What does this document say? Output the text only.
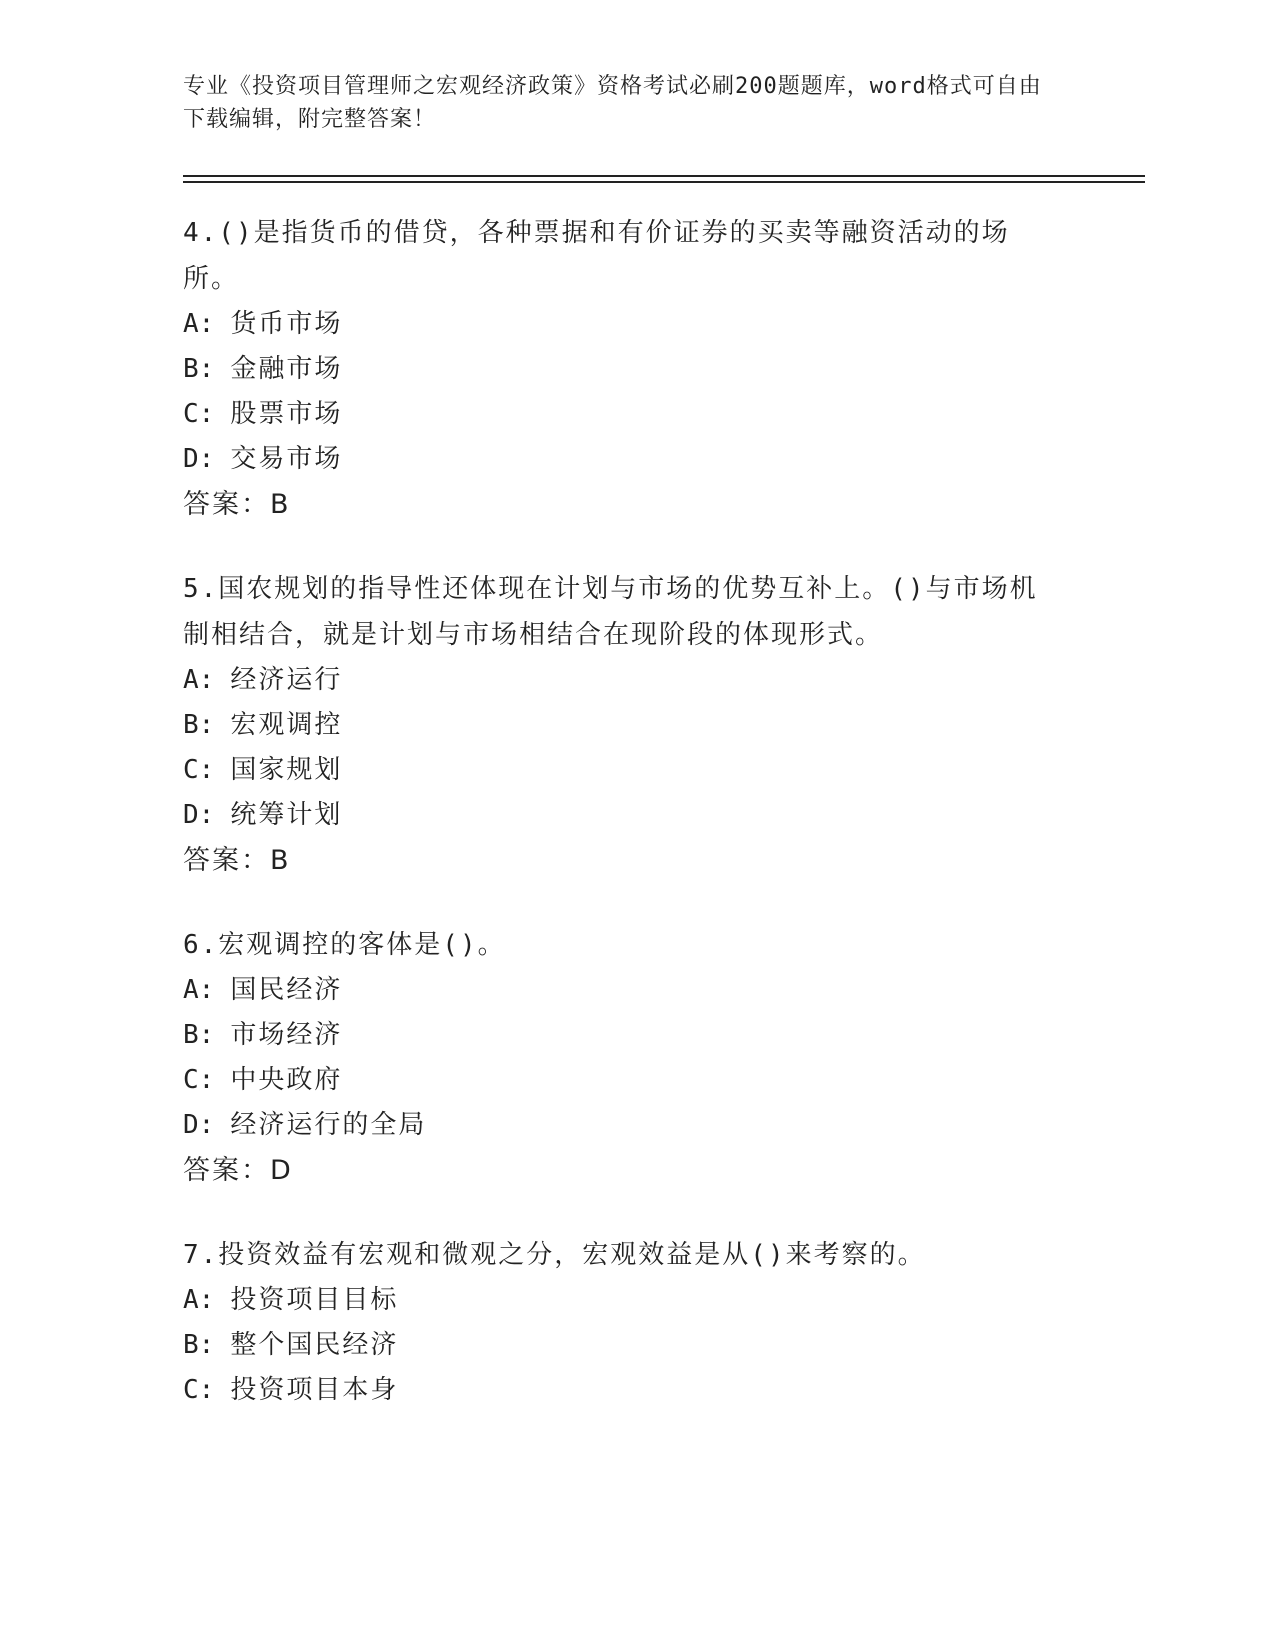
专业《投资项目管理师之宏观经济政策》资格考试必刷200题题库，word格式可自由下载编辑，附完整答案！

4.()是指货币的借贷，各种票据和有价证券的买卖等融资活动的场所。

A: 货币市场

B: 金融市场

C: 股票市场

D: 交易市场

答案：B

5.国农规划的指导性还体现在计划与市场的优势互补上。()与市场机制相结合，就是计划与市场相结合在现阶段的体现形式。

A: 经济运行

B: 宏观调控

C: 国家规划

D: 统筹计划

答案：B

6.宏观调控的客体是()。

A: 国民经济

B: 市场经济

C: 中央政府

D: 经济运行的全局

答案：D

7.投资效益有宏观和微观之分，宏观效益是从()来考察的。

A: 投资项目目标

B: 整个国民经济

C: 投资项目本身
